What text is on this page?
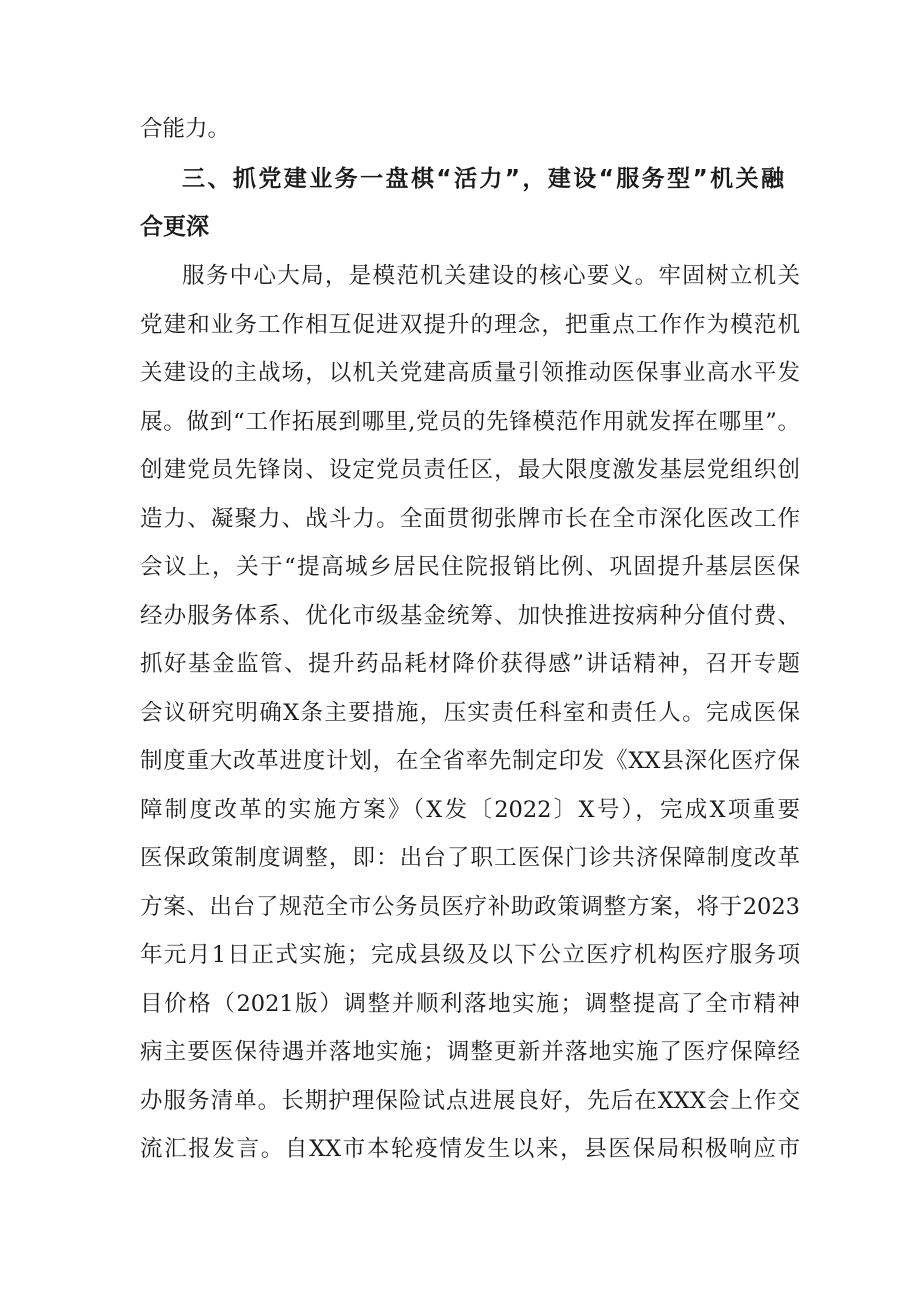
合能力。
三、抓党建业务一盘棋“活力”，建设“服务型”机关融
合更深
服务中心大局，是模范机关建设的核心要义。牢固树立机关
党建和业务工作相互促进双提升的理念，把重点工作作为模范机
关建设的主战场，以机关党建高质量引领推动医保事业高水平发
展。做到“工作拓展到哪里,党员的先锋模范作用就发挥在哪里”。
创建党员先锋岗、设定党员责任区，最大限度激发基层党组织创
造力、凝聚力、战斗力。全面贯彻张牌市长在全市深化医改工作
会议上，关于“提高城乡居民住院报销比例、巩固提升基层医保
经办服务体系、优化市级基金统筹、加快推进按病种分值付费、
抓好基金监管、提升药品耗材降价获得感”讲话精神，召开专题
会议研究明确X条主要措施，压实责任科室和责任人。完成医保
制度重大改革进度计划，在全省率先制定印发《XX县深化医疗保
障制度改革的实施方案》（X发〔2022〕X号），完成X项重要
医保政策制度调整，即：出台了职工医保门诊共济保障制度改革
方案、出台了规范全市公务员医疗补助政策调整方案，将于2023
年元月1日正式实施；完成县级及以下公立医疗机构医疗服务项
目价格（2021版）调整并顺利落地实施；调整提高了全市精神
病主要医保待遇并落地实施；调整更新并落地实施了医疗保障经
办服务清单。长期护理保险试点进展良好，先后在XXX会上作交
流汇报发言。自XX市本轮疫情发生以来，县医保局积极响应市
